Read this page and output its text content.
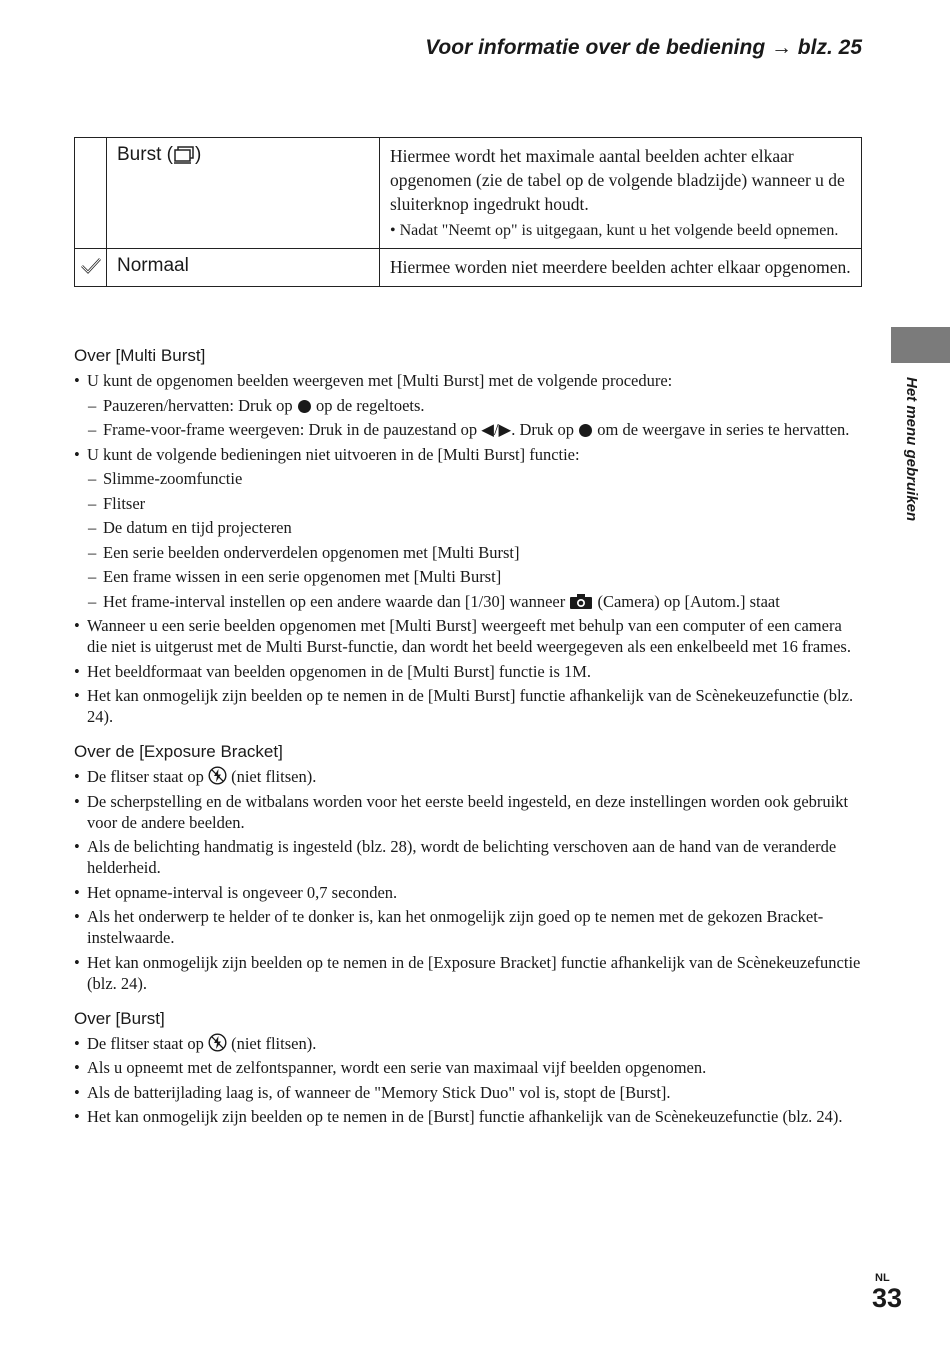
Voor informatie over de bediening → blz. 25
	Burst ( )	Hiermee wordt het maximale aantal beelden achter elkaar opgenomen (zie de tabel op de volgende bladzijde) wanneer u de sluiterknop ingedrukt houdt.
• Nadat "Neemt op" is uitgegaan, kunt u het volgende beeld opnemen.

	Normaal	Hiermee worden niet meerdere beelden achter elkaar opgenomen.
Over [Multi Burst]
• U kunt de opgenomen beelden weergeven met [Multi Burst] met de volgende procedure:
– Pauzeren/hervatten: Druk op op de regeltoets.
– Frame-voor-frame weergeven: Druk in de pauzestand op ◀/▶. Druk op om de weergave in series te hervatten.
• U kunt de volgende bedieningen niet uitvoeren in de [Multi Burst] functie:
– Slimme-zoomfunctie
– Flitser
– De datum en tijd projecteren
– Een serie beelden onderverdelen opgenomen met [Multi Burst]
– Een frame wissen in een serie opgenomen met [Multi Burst]
– Het frame-interval instellen op een andere waarde dan [1/30] wanneer (Camera) op [Autom.] staat
• Wanneer u een serie beelden opgenomen met [Multi Burst] weergeeft met behulp van een computer of een camera die niet is uitgerust met de Multi Burst-functie, dan wordt het beeld weergegeven als een enkelbeeld met 16 frames.
• Het beeldformaat van beelden opgenomen in de [Multi Burst] functie is 1M.
• Het kan onmogelijk zijn beelden op te nemen in de [Multi Burst] functie afhankelijk van de Scènekeuzefunctie (blz. 24).
Over de [Exposure Bracket]
• De flitser staat op (niet flitsen).
• De scherpstelling en de witbalans worden voor het eerste beeld ingesteld, en deze instellingen worden ook gebruikt voor de andere beelden.
• Als de belichting handmatig is ingesteld (blz. 28), wordt de belichting verschoven aan de hand van de veranderde helderheid.
• Het opname-interval is ongeveer 0,7 seconden.
• Als het onderwerp te helder of te donker is, kan het onmogelijk zijn goed op te nemen met de gekozen Bracket-instelwaarde.
• Het kan onmogelijk zijn beelden op te nemen in de [Exposure Bracket] functie afhankelijk van de Scènekeuzefunctie (blz. 24).
Over [Burst]
• De flitser staat op (niet flitsen).
• Als u opneemt met de zelfontspanner, wordt een serie van maximaal vijf beelden opgenomen.
• Als de batterijlading laag is, of wanneer de "Memory Stick Duo" vol is, stopt de [Burst].
• Het kan onmogelijk zijn beelden op te nemen in de [Burst] functie afhankelijk van de Scènekeuzefunctie (blz. 24).
Het menu gebruiken
NL
33
